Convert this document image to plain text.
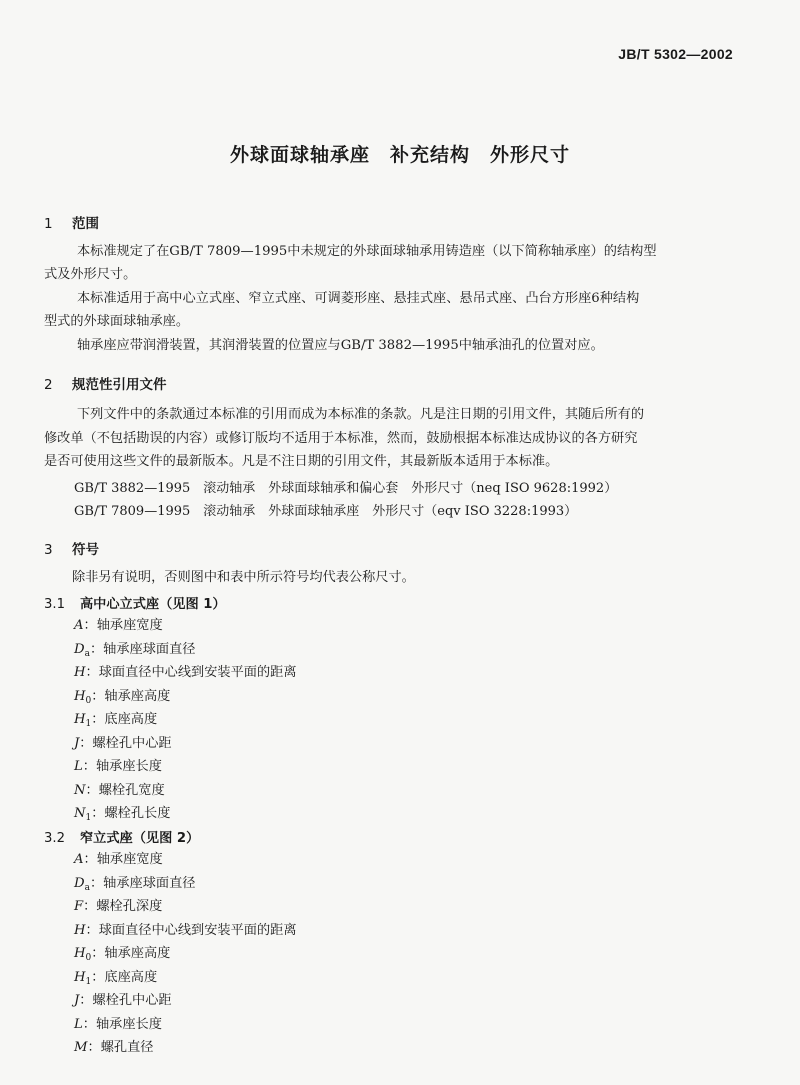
JB/T 5302—2002
外球面球轴承座　补充结构　外形尺寸
1 范围
本标准规定了在GB/T 7809—1995中未规定的外球面球轴承用铸造座（以下简称轴承座）的结构型
式及外形尺寸。
本标准适用于高中心立式座、窄立式座、可调菱形座、悬挂式座、悬吊式座、凸台方形座6种结构
型式的外球面球轴承座。
轴承座应带润滑装置，其润滑装置的位置应与GB/T 3882—1995中轴承油孔的位置对应。
2 规范性引用文件
下列文件中的条款通过本标准的引用而成为本标准的条款。凡是注日期的引用文件，其随后所有的
修改单（不包括勘误的内容）或修订版均不适用于本标准，然而，鼓励根据本标准达成协议的各方研究
是否可使用这些文件的最新版本。凡是不注日期的引用文件，其最新版本适用于本标准。
GB/T 3882—1995　滚动轴承　外球面球轴承和偏心套　外形尺寸（neq ISO 9628:1992）
GB/T 7809—1995　滚动轴承　外球面球轴承座　外形尺寸（eqv ISO 3228:1993）
3 符号
除非另有说明，否则图中和表中所示符号均代表公称尺寸。
3.1 高中心立式座（见图 1）
A：轴承座宽度
$D_a$：轴承座球面直径
H：球面直径中心线到安装平面的距离
$H_0$：轴承座高度
$H_1$：底座高度
J：螺栓孔中心距
L：轴承座长度
N：螺栓孔宽度
$N_1$：螺栓孔长度
3.2 窄立式座（见图 2）
A：轴承座宽度
$D_a$：轴承座球面直径
F：螺栓孔深度
H：球面直径中心线到安装平面的距离
$H_0$：轴承座高度
$H_1$：底座高度
J：螺栓孔中心距
L：轴承座长度
M：螺孔直径
